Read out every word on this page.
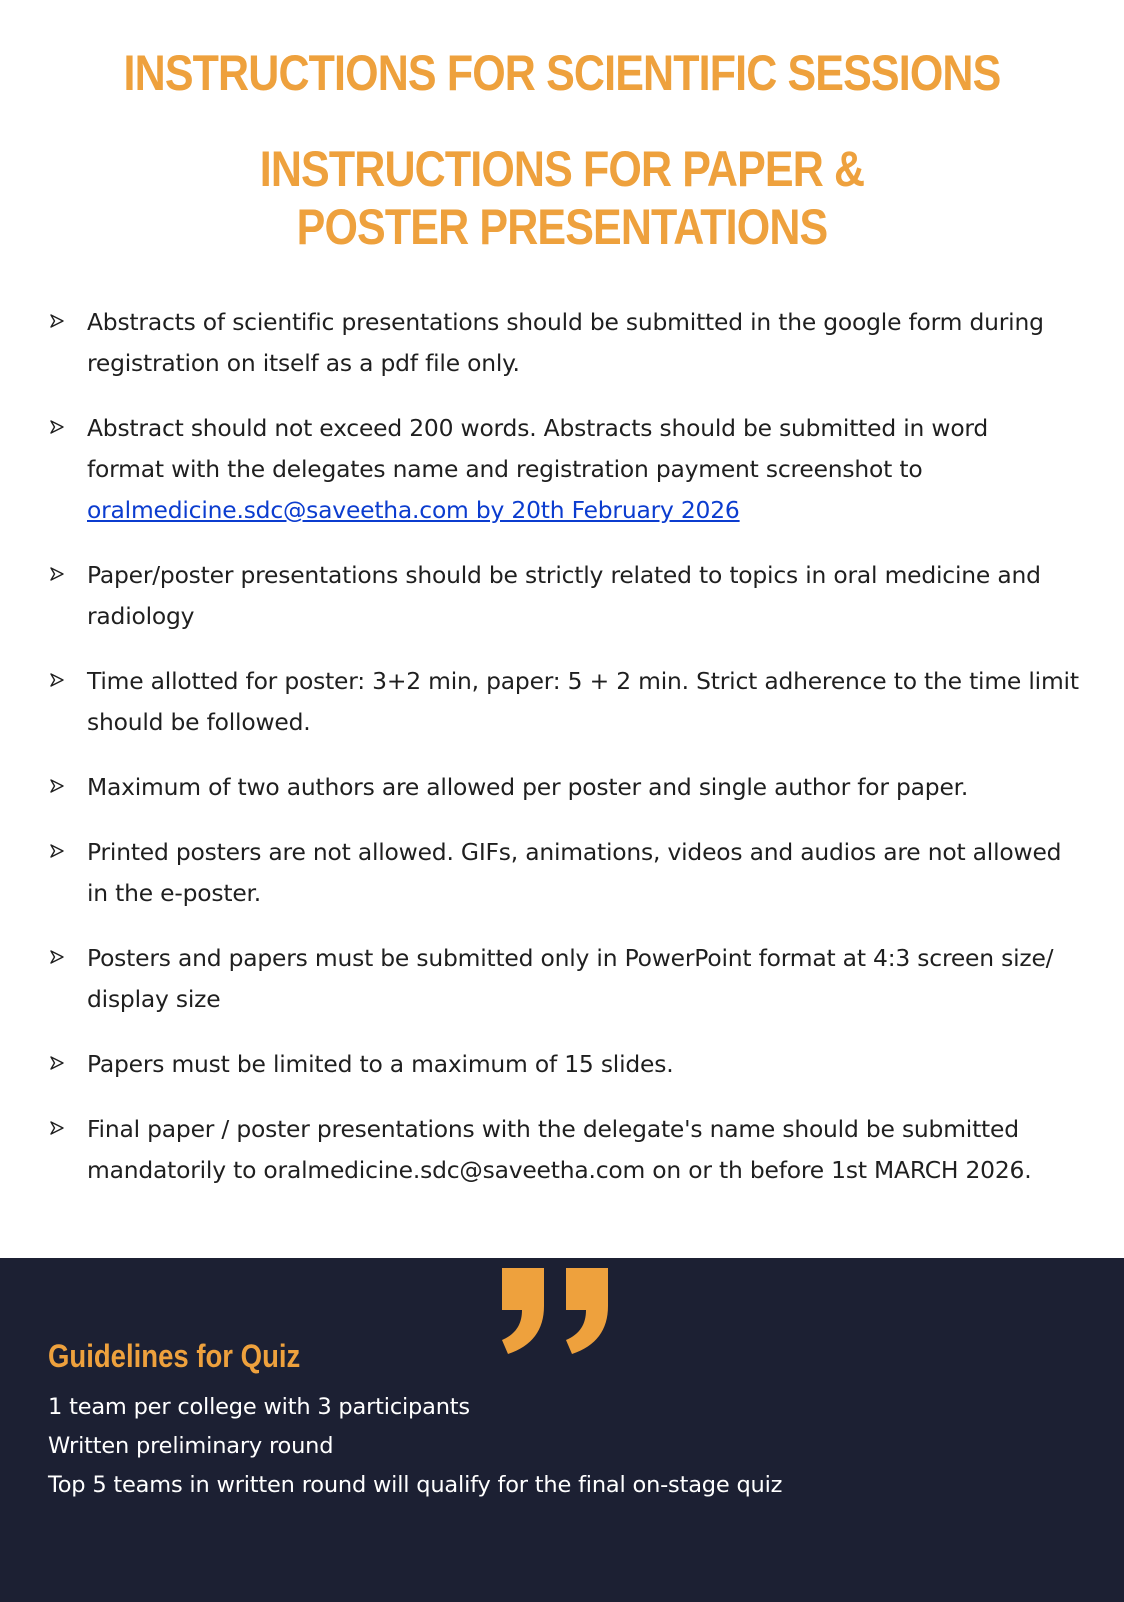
INSTRUCTIONS FOR SCIENTIFIC SESSIONS
INSTRUCTIONS FOR PAPER &
POSTER PRESENTATIONS
Abstracts of scientific presentations should be submitted in the google form during
registration on itself as a pdf file only.
Abstract should not exceed 200 words. Abstracts should be submitted in word
format with the delegates name and registration payment screenshot to
oralmedicine.sdc@saveetha.com by 20th February 2026
Paper/poster presentations should be strictly related to topics in oral medicine and
radiology
Time allotted for poster: 3+2 min, paper: 5 + 2 min. Strict adherence to the time limit
should be followed.
Maximum of two authors are allowed per poster and single author for paper.
Printed posters are not allowed. GIFs, animations, videos and audios are not allowed
in the e-poster.
Posters and papers must be submitted only in PowerPoint format at 4:3 screen size/
display size
Papers must be limited to a maximum of 15 slides.
Final paper / poster presentations with the delegate's name should be submitted
mandatorily to oralmedicine.sdc@saveetha.com on or th before 1st MARCH 2026.
Guidelines for Quiz
1 team per college with 3 participants
Written preliminary round
Top 5 teams in written round will qualify for the final on-stage quiz
